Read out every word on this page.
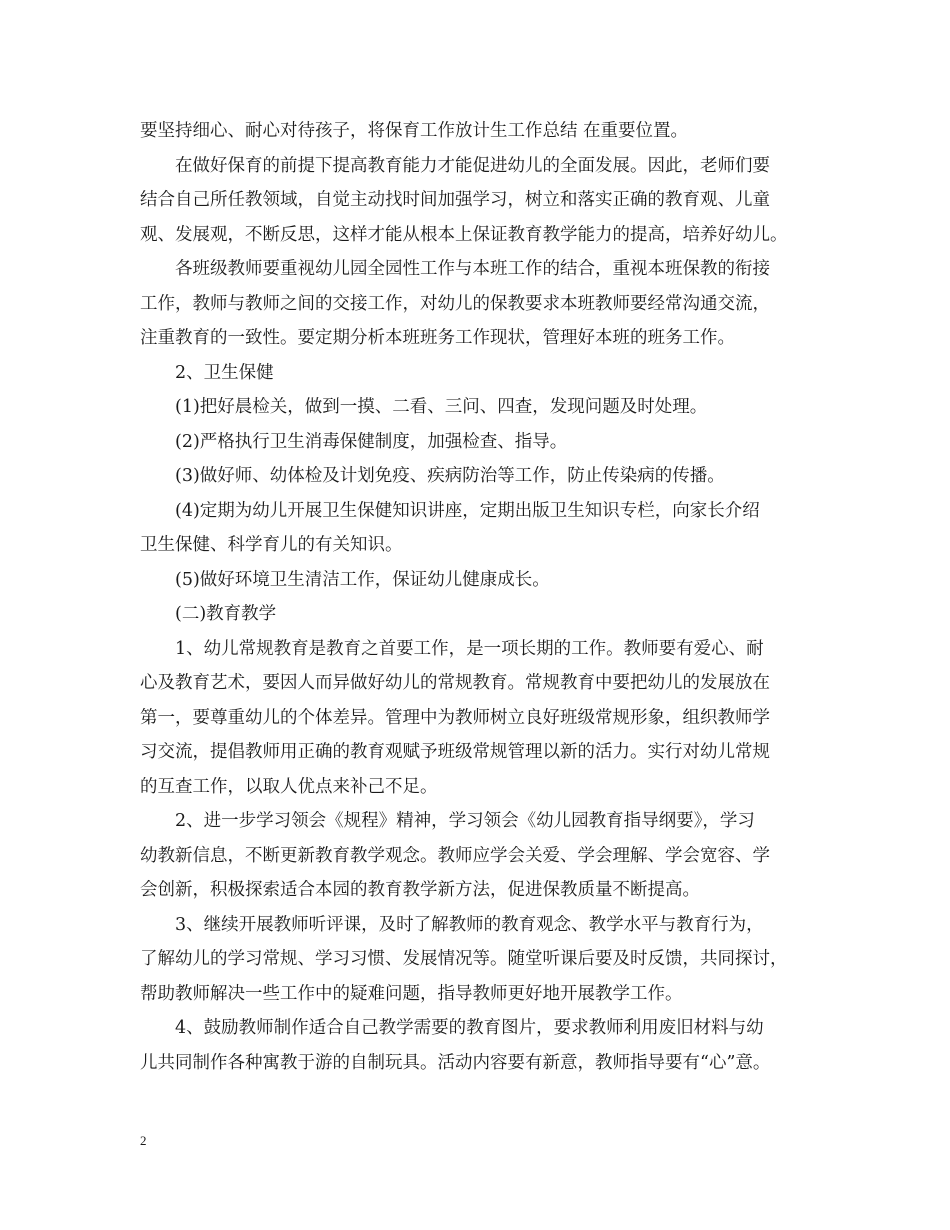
要坚持细心、耐心对待孩子，将保育工作放计生工作总结 在重要位置。
在做好保育的前提下提高教育能力才能促进幼儿的全面发展。因此，老师们要
结合自己所任教领域，自觉主动找时间加强学习，树立和落实正确的教育观、儿童
观、发展观，不断反思，这样才能从根本上保证教育教学能力的提高，培养好幼儿。
各班级教师要重视幼儿园全园性工作与本班工作的结合，重视本班保教的衔接
工作，教师与教师之间的交接工作，对幼儿的保教要求本班教师要经常沟通交流，
注重教育的一致性。要定期分析本班班务工作现状，管理好本班的班务工作。
2、卫生保健
(1)把好晨检关，做到一摸、二看、三问、四查，发现问题及时处理。
(2)严格执行卫生消毒保健制度，加强检查、指导。
(3)做好师、幼体检及计划免疫、疾病防治等工作，防止传染病的传播。
(4)定期为幼儿开展卫生保健知识讲座，定期出版卫生知识专栏，向家长介绍
卫生保健、科学育儿的有关知识。
(5)做好环境卫生清洁工作，保证幼儿健康成长。
(二)教育教学
1、幼儿常规教育是教育之首要工作，是一项长期的工作。教师要有爱心、耐
心及教育艺术，要因人而异做好幼儿的常规教育。常规教育中要把幼儿的发展放在
第一，要尊重幼儿的个体差异。管理中为教师树立良好班级常规形象，组织教师学
习交流，提倡教师用正确的教育观赋予班级常规管理以新的活力。实行对幼儿常规
的互查工作，以取人优点来补己不足。
2、进一步学习领会《规程》精神，学习领会《幼儿园教育指导纲要》，学习
幼教新信息，不断更新教育教学观念。教师应学会关爱、学会理解、学会宽容、学
会创新，积极探索适合本园的教育教学新方法，促进保教质量不断提高。
3、继续开展教师听评课，及时了解教师的教育观念、教学水平与教育行为，
了解幼儿的学习常规、学习习惯、发展情况等。随堂听课后要及时反馈，共同探讨，
帮助教师解决一些工作中的疑难问题，指导教师更好地开展教学工作。
4、鼓励教师制作适合自己教学需要的教育图片，要求教师利用废旧材料与幼
儿共同制作各种寓教于游的自制玩具。活动内容要有新意，教师指导要有“心”意。
2
